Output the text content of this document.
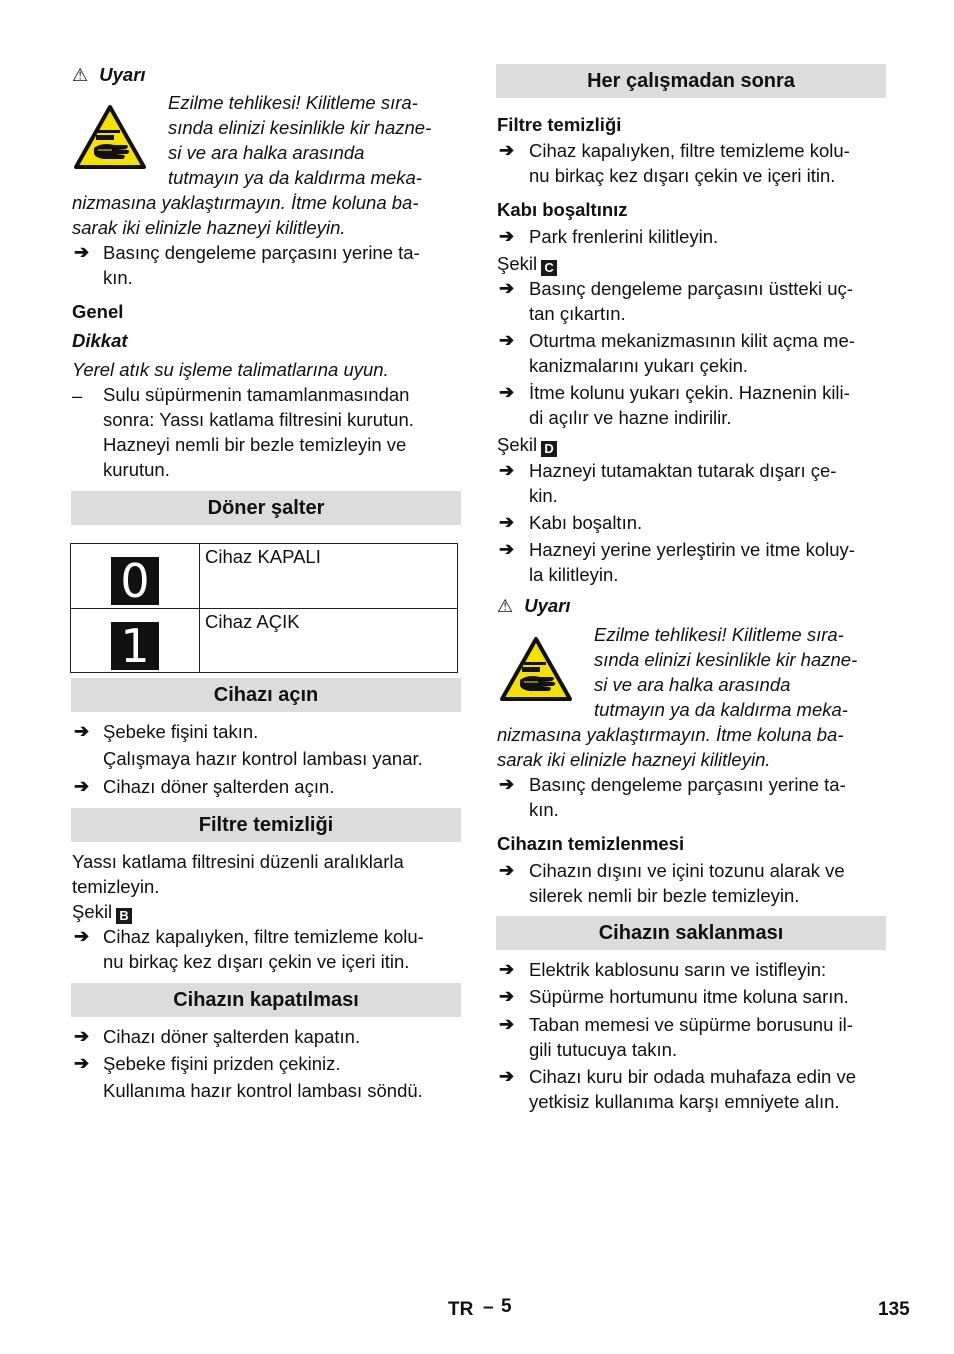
⚠ Uyarı
Ezilme tehlikesi! Kilitleme sıra-
sında elinizi kesinlikle kir hazne-
si ve ara halka arasında
tutmayın ya da kaldırma meka-
nizmasına yaklaştırmayın. İtme koluna ba-
sarak iki elinizle hazneyi kilitleyin.
➔ Basınç dengeleme parçasını yerine ta-
kın.
Genel
Dikkat
Yerel atık su işleme talimatlarına uyun.
– Sulu süpürmenin tamamlanmasından
sonra: Yassı katlama filtresini kurutun.
Hazneyi nemli bir bezle temizleyin ve
kurutun.
Döner şalter
0	Cihaz KAPALI

1	Cihaz AÇIK
Cihazı açın
➔ Şebeke fişini takın.
Çalışmaya hazır kontrol lambası yanar.
➔ Cihazı döner şalterden açın.
Filtre temizliği
Yassı katlama filtresini düzenli aralıklarla
temizleyin.
Şekil B
➔ Cihaz kapalıyken, filtre temizleme kolu-
nu birkaç kez dışarı çekin ve içeri itin.
Cihazın kapatılması
➔ Cihazı döner şalterden kapatın.
➔ Şebeke fişini prizden çekiniz.
Kullanıma hazır kontrol lambası söndü.
Her çalışmadan sonra
Filtre temizliği
➔ Cihaz kapalıyken, filtre temizleme kolu-
nu birkaç kez dışarı çekin ve içeri itin.
Kabı boşaltınız
➔ Park frenlerini kilitleyin.
Şekil C
➔ Basınç dengeleme parçasını üstteki uç-
tan çıkartın.
➔ Oturtma mekanizmasının kilit açma me-
kanizmalarını yukarı çekin.
➔ İtme kolunu yukarı çekin. Haznenin kili-
di açılır ve hazne indirilir.
Şekil D
➔ Hazneyi tutamaktan tutarak dışarı çe-
kin.
➔ Kabı boşaltın.
➔ Hazneyi yerine yerleştirin ve itme koluy-
la kilitleyin.
⚠ Uyarı
Ezilme tehlikesi! Kilitleme sıra-
sında elinizi kesinlikle kir hazne-
si ve ara halka arasında
tutmayın ya da kaldırma meka-
nizmasına yaklaştırmayın. İtme koluna ba-
sarak iki elinizle hazneyi kilitleyin.
➔ Basınç dengeleme parçasını yerine ta-
kın.
Cihazın temizlenmesi
➔ Cihazın dışını ve içini tozunu alarak ve
silerek nemli bir bezle temizleyin.
Cihazın saklanması
➔ Elektrik kablosunu sarın ve istifleyin:
➔ Süpürme hortumunu itme koluna sarın.
➔ Taban memesi ve süpürme borusunu il-
gili tutucuya takın.
➔ Cihazı kuru bir odada muhafaza edin ve
yetkisiz kullanıma karşı emniyete alın.
TR – 5	135
